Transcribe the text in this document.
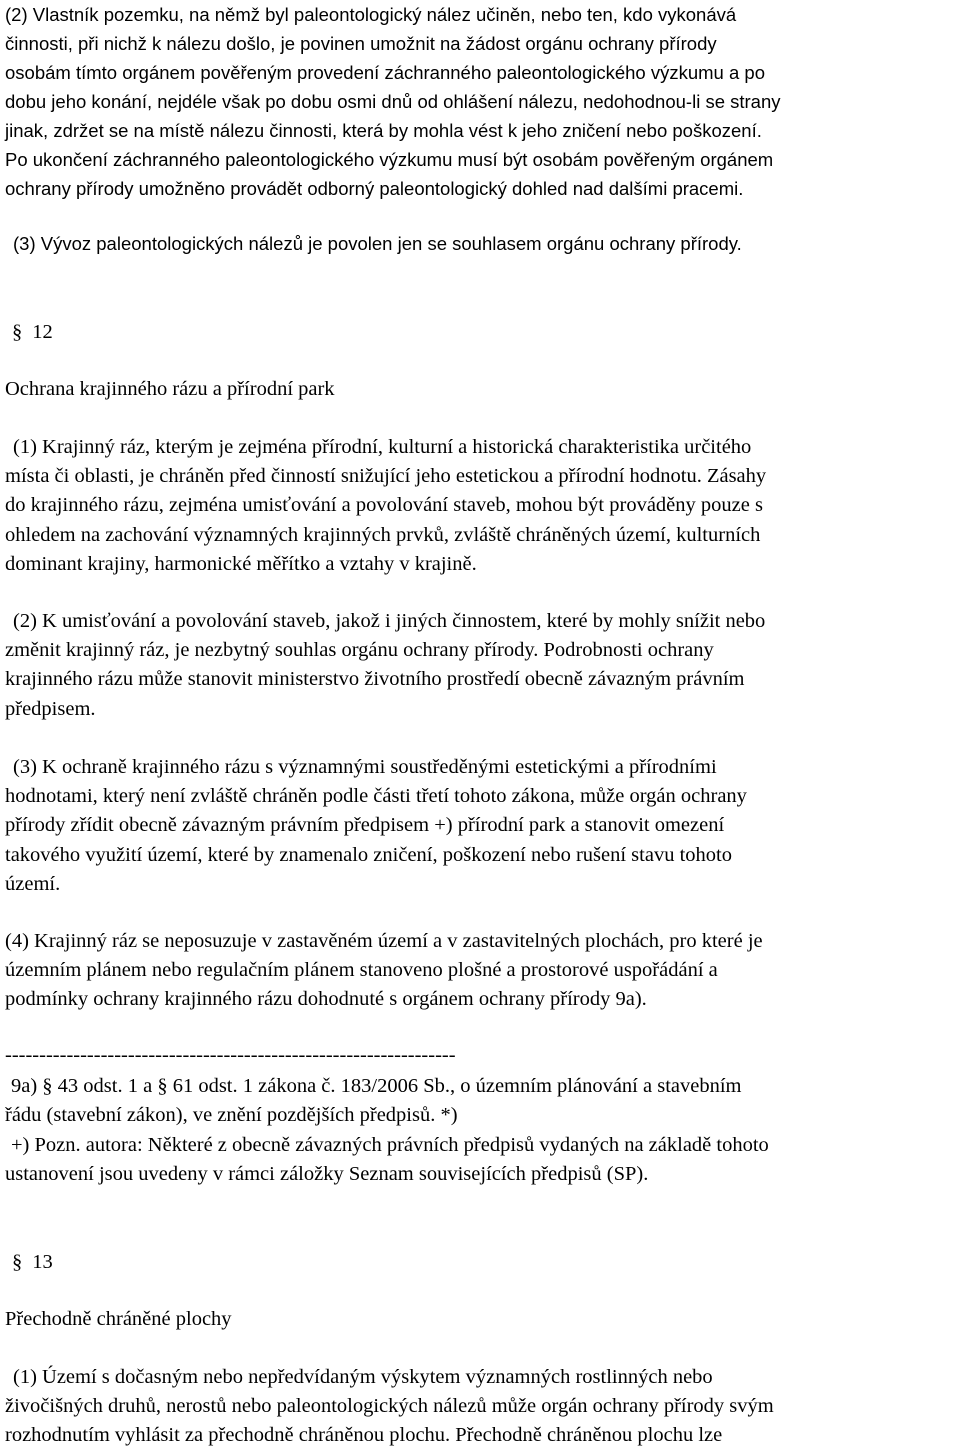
(2) Vlastník pozemku, na němž byl paleontologický nález učiněn, nebo ten, kdo vykonává
činnosti, při nichž k nálezu došlo, je povinen umožnit na žádost orgánu ochrany přírody
osobám tímto orgánem pověřeným provedení záchranného paleontologického výzkumu a po
dobu jeho konání, nejdéle však po dobu osmi dnů od ohlášení nálezu, nedohodnou-li se strany
jinak, zdržet se na místě nálezu činnosti, která by mohla vést k jeho zničení nebo poškození.
Po ukončení záchranného paleontologického výzkumu musí být osobám pověřeným orgánem
ochrany přírody umožněno provádět odborný paleontologický dohled nad dalšími pracemi.
(3) Vývoz paleontologických nálezů je povolen jen se souhlasem orgánu ochrany přírody.
§ 12
Ochrana krajinného rázu a přírodní park
(1) Krajinný ráz, kterým je zejména přírodní, kulturní a historická charakteristika určitého
místa či oblasti, je chráněn před činností snižující jeho estetickou a přírodní hodnotu. Zásahy
do krajinného rázu, zejména umisťování a povolování staveb, mohou být prováděny pouze s
ohledem na zachování významných krajinných prvků, zvláště chráněných území, kulturních
dominant krajiny, harmonické měřítko a vztahy v krajině.
(2) K umisťování a povolování staveb, jakož i jiných činnostem, které by mohly snížit nebo
změnit krajinný ráz, je nezbytný souhlas orgánu ochrany přírody. Podrobnosti ochrany
krajinného rázu může stanovit ministerstvo životního prostředí obecně závazným právním
předpisem.
(3) K ochraně krajinného rázu s významnými soustředěnými estetickými a přírodními
hodnotami, který není zvláště chráněn podle části třetí tohoto zákona, může orgán ochrany
přírody zřídit obecně závazným právním předpisem +) přírodní park a stanovit omezení
takového využití území, které by znamenalo zničení, poškození nebo rušení stavu tohoto
území.
(4) Krajinný ráz se neposuzuje v zastavěném území a v zastavitelných plochách, pro které je
územním plánem nebo regulačním plánem stanoveno plošné a prostorové uspořádání a
podmínky ochrany krajinného rázu dohodnuté s orgánem ochrany přírody 9a).
------------------------------------------------------------------
9a) § 43 odst. 1 a § 61 odst. 1 zákona č. 183/2006 Sb., o územním plánování a stavebním
řádu (stavební zákon), ve znění pozdějších předpisů. *)
+) Pozn. autora: Některé z obecně závazných právních předpisů vydaných na základě tohoto
ustanovení jsou uvedeny v rámci záložky Seznam souvisejících předpisů (SP).
§ 13
Přechodně chráněné plochy
(1) Území s dočasným nebo nepředvídaným výskytem významných rostlinných nebo
živočišných druhů, nerostů nebo paleontologických nálezů může orgán ochrany přírody svým
rozhodnutím vyhlásit za přechodně chráněnou plochu. Přechodně chráněnou plochu lze
